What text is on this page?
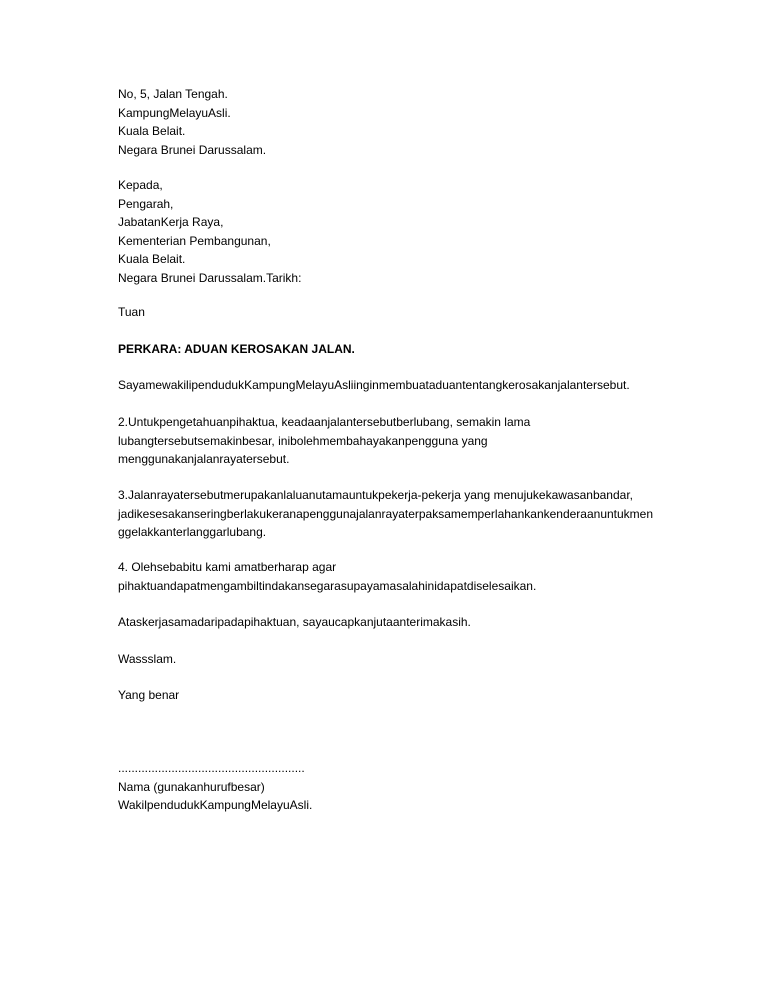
No, 5, Jalan Tengah.
KampungMelayuAsli.
Kuala Belait.
Negara Brunei Darussalam.
Kepada,
Pengarah,
JabatanKerja Raya,
Kementerian Pembangunan,
Kuala Belait.
Negara Brunei Darussalam.Tarikh:
Tuan
PERKARA: ADUAN KEROSAKAN JALAN.
SayamewakilipendudukKampungMelayuAsliinginmembuataduantentangkerosakanjalantersebut.
2.Untukpengetahuanpihaktua, keadaanjalantersebutberlubang, semakin lama
lubangtersebutsemakinbesar, inibolehmembahayakanpengguna yang
menggunakanjalanrayatersebut.
3.Jalanrayatersebutmerupakanlaluanutamauntukpekerja-pekerja yang menujukekawasanbandar,
jadikesesakanseringberlakukeranapenggunajalanrayaterpaksamemperlahankankenderaanuntukmen
ggelakkanterlanggarlubang.
4. Olehsebabitu kami amatberharap agar
pihaktuandapatmengambiltindakansegarasupayamasalahinidapatdiselesaikan.
Ataskerjasamadaripadapihaktuan, sayaucapkanjutaanterimakasih.
Wassslam.
Yang benar
........................................................
Nama (gunakanhurufbesar)
WakilpendudukKampungMelayuAsli.
